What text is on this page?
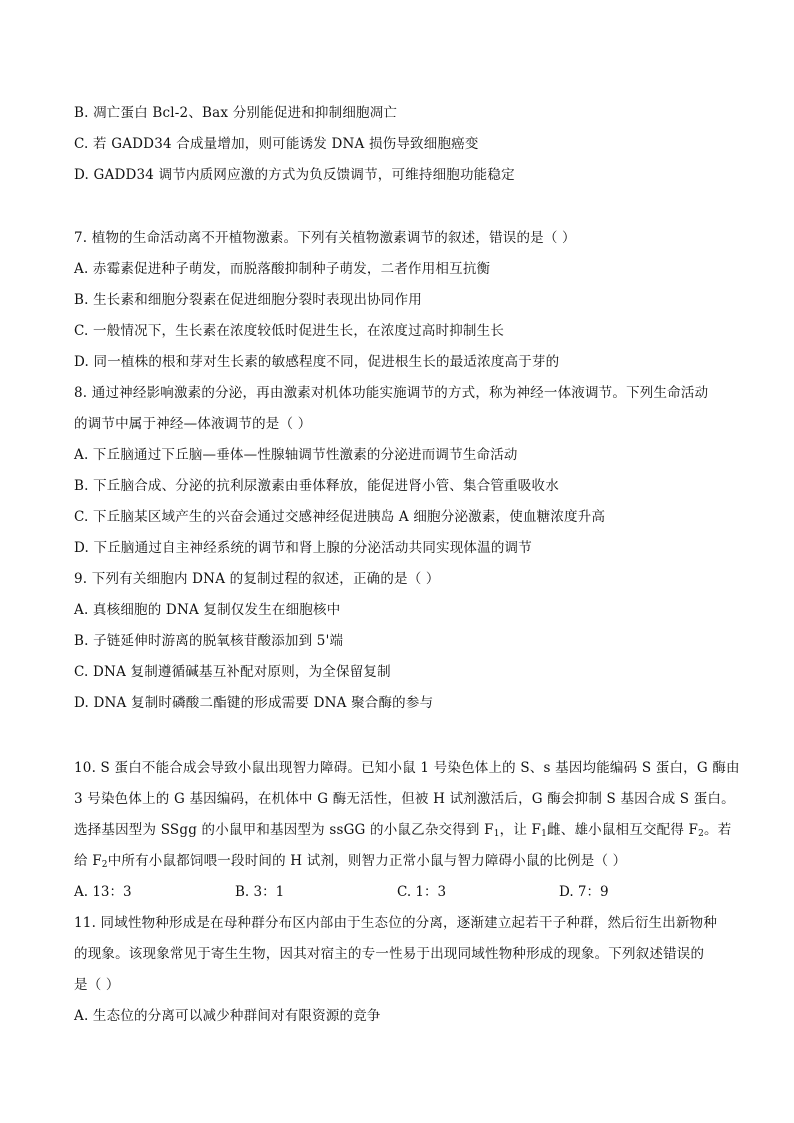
B. 凋亡蛋白 Bcl-2、Bax 分别能促进和抑制细胞凋亡
C. 若 GADD34 合成量增加，则可能诱发 DNA 损伤导致细胞癌变
D. GADD34 调节内质网应激的方式为负反馈调节，可维持细胞功能稳定
7. 植物的生命活动离不开植物激素。下列有关植物激素调节的叙述，错误的是（ ）
A. 赤霉素促进种子萌发，而脱落酸抑制种子萌发，二者作用相互抗衡
B. 生长素和细胞分裂素在促进细胞分裂时表现出协同作用
C. 一般情况下，生长素在浓度较低时促进生长，在浓度过高时抑制生长
D. 同一植株的根和芽对生长素的敏感程度不同，促进根生长的最适浓度高于芽的
8. 通过神经影响激素的分泌，再由激素对机体功能实施调节的方式，称为神经一体液调节。下列生命活动
的调节中属于神经—体液调节的是（ ）
A. 下丘脑通过下丘脑—垂体—性腺轴调节性激素的分泌进而调节生命活动
B. 下丘脑合成、分泌的抗利尿激素由垂体释放，能促进肾小管、集合管重吸收水
C. 下丘脑某区域产生的兴奋会通过交感神经促进胰岛 A 细胞分泌激素，使血糖浓度升高
D. 下丘脑通过自主神经系统的调节和肾上腺的分泌活动共同实现体温的调节
9. 下列有关细胞内 DNA 的复制过程的叙述，正确的是（ ）
A. 真核细胞的 DNA 复制仅发生在细胞核中
B. 子链延伸时游离的脱氧核苷酸添加到 5'端
C. DNA 复制遵循碱基互补配对原则，为全保留复制
D. DNA 复制时磷酸二酯键的形成需要 DNA 聚合酶的参与
10. S 蛋白不能合成会导致小鼠出现智力障碍。已知小鼠 1 号染色体上的 S、s 基因均能编码 S 蛋白，G 酶由
3 号染色体上的 G 基因编码，在机体中 G 酶无活性，但被 H 试剂激活后，G 酶会抑制 S 基因合成 S 蛋白。
选择基因型为 SSgg 的小鼠甲和基因型为 ssGG 的小鼠乙杂交得到 $F_1$，让 $F_1$雌、雄小鼠相互交配得 $F_2$。若
给 $F_2$中所有小鼠都饲喂一段时间的 H 试剂，则智力正常小鼠与智力障碍小鼠的比例是（ ）
A. 13：3	B. 3：1	C. 1：3	D. 7：9
11. 同域性物种形成是在母种群分布区内部由于生态位的分离，逐渐建立起若干子种群，然后衍生出新物种
的现象。该现象常见于寄生生物，因其对宿主的专一性易于出现同域性物种形成的现象。下列叙述错误的
是（ ）
A. 生态位的分离可以减少种群间对有限资源的竞争
